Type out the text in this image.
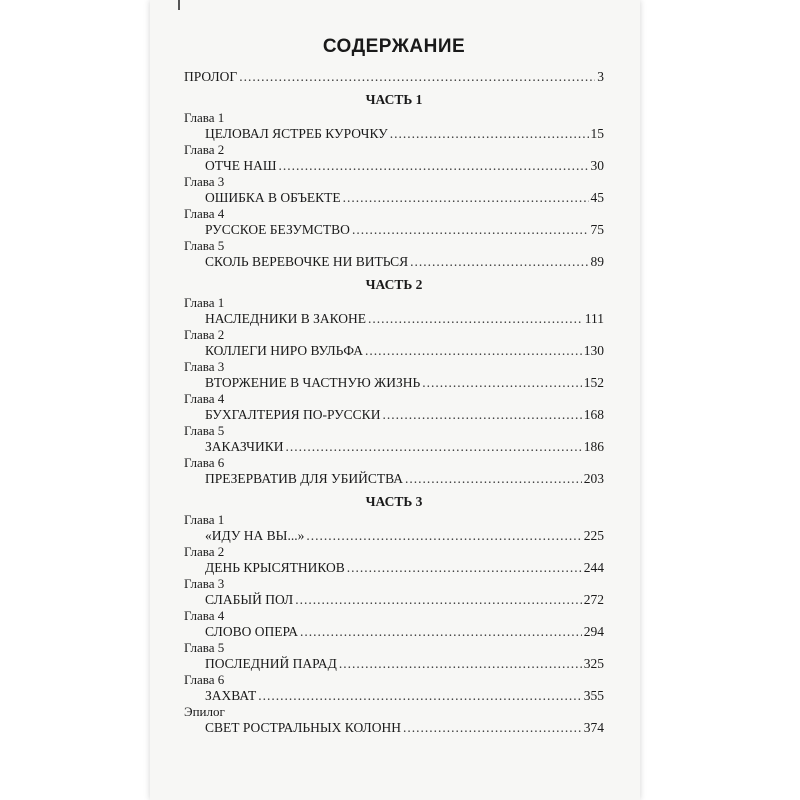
СОДЕРЖАНИЕ
ПРОЛОГ .....	3
ЧАСТЬ 1
Глава 1
ЦЕЛОВАЛ ЯСТРЕБ КУРОЧКУ .....	15
Глава 2
ОТЧЕ НАШ .....	30
Глава 3
ОШИБКА В ОБЪЕКТЕ .....	45
Глава 4
РУССКОЕ БЕЗУМСТВО .....	75
Глава 5
СКОЛЬ ВЕРЕВОЧКЕ НИ ВИТЬСЯ .....	89
ЧАСТЬ 2
Глава 1
НАСЛЕДНИКИ В ЗАКОНЕ .....	111
Глава 2
КОЛЛЕГИ НИРО ВУЛЬФА .....	130
Глава 3
ВТОРЖЕНИЕ В ЧАСТНУЮ ЖИЗНЬ .....	152
Глава 4
БУХГАЛТЕРИЯ ПО-РУССКИ .....	168
Глава 5
ЗАКАЗЧИКИ .....	186
Глава 6
ПРЕЗЕРВАТИВ ДЛЯ УБИЙСТВА .....	203
ЧАСТЬ 3
Глава 1
«ИДУ НА ВЫ...» .....	225
Глава 2
ДЕНЬ КРЫСЯТНИКОВ .....	244
Глава 3
СЛАБЫЙ ПОЛ .....	272
Глава 4
СЛОВО ОПЕРА .....	294
Глава 5
ПОСЛЕДНИЙ ПАРАД .....	325
Глава 6
ЗАХВАТ .....	355
Эпилог
СВЕТ РОСТРАЛЬНЫХ КОЛОНН .....	374
